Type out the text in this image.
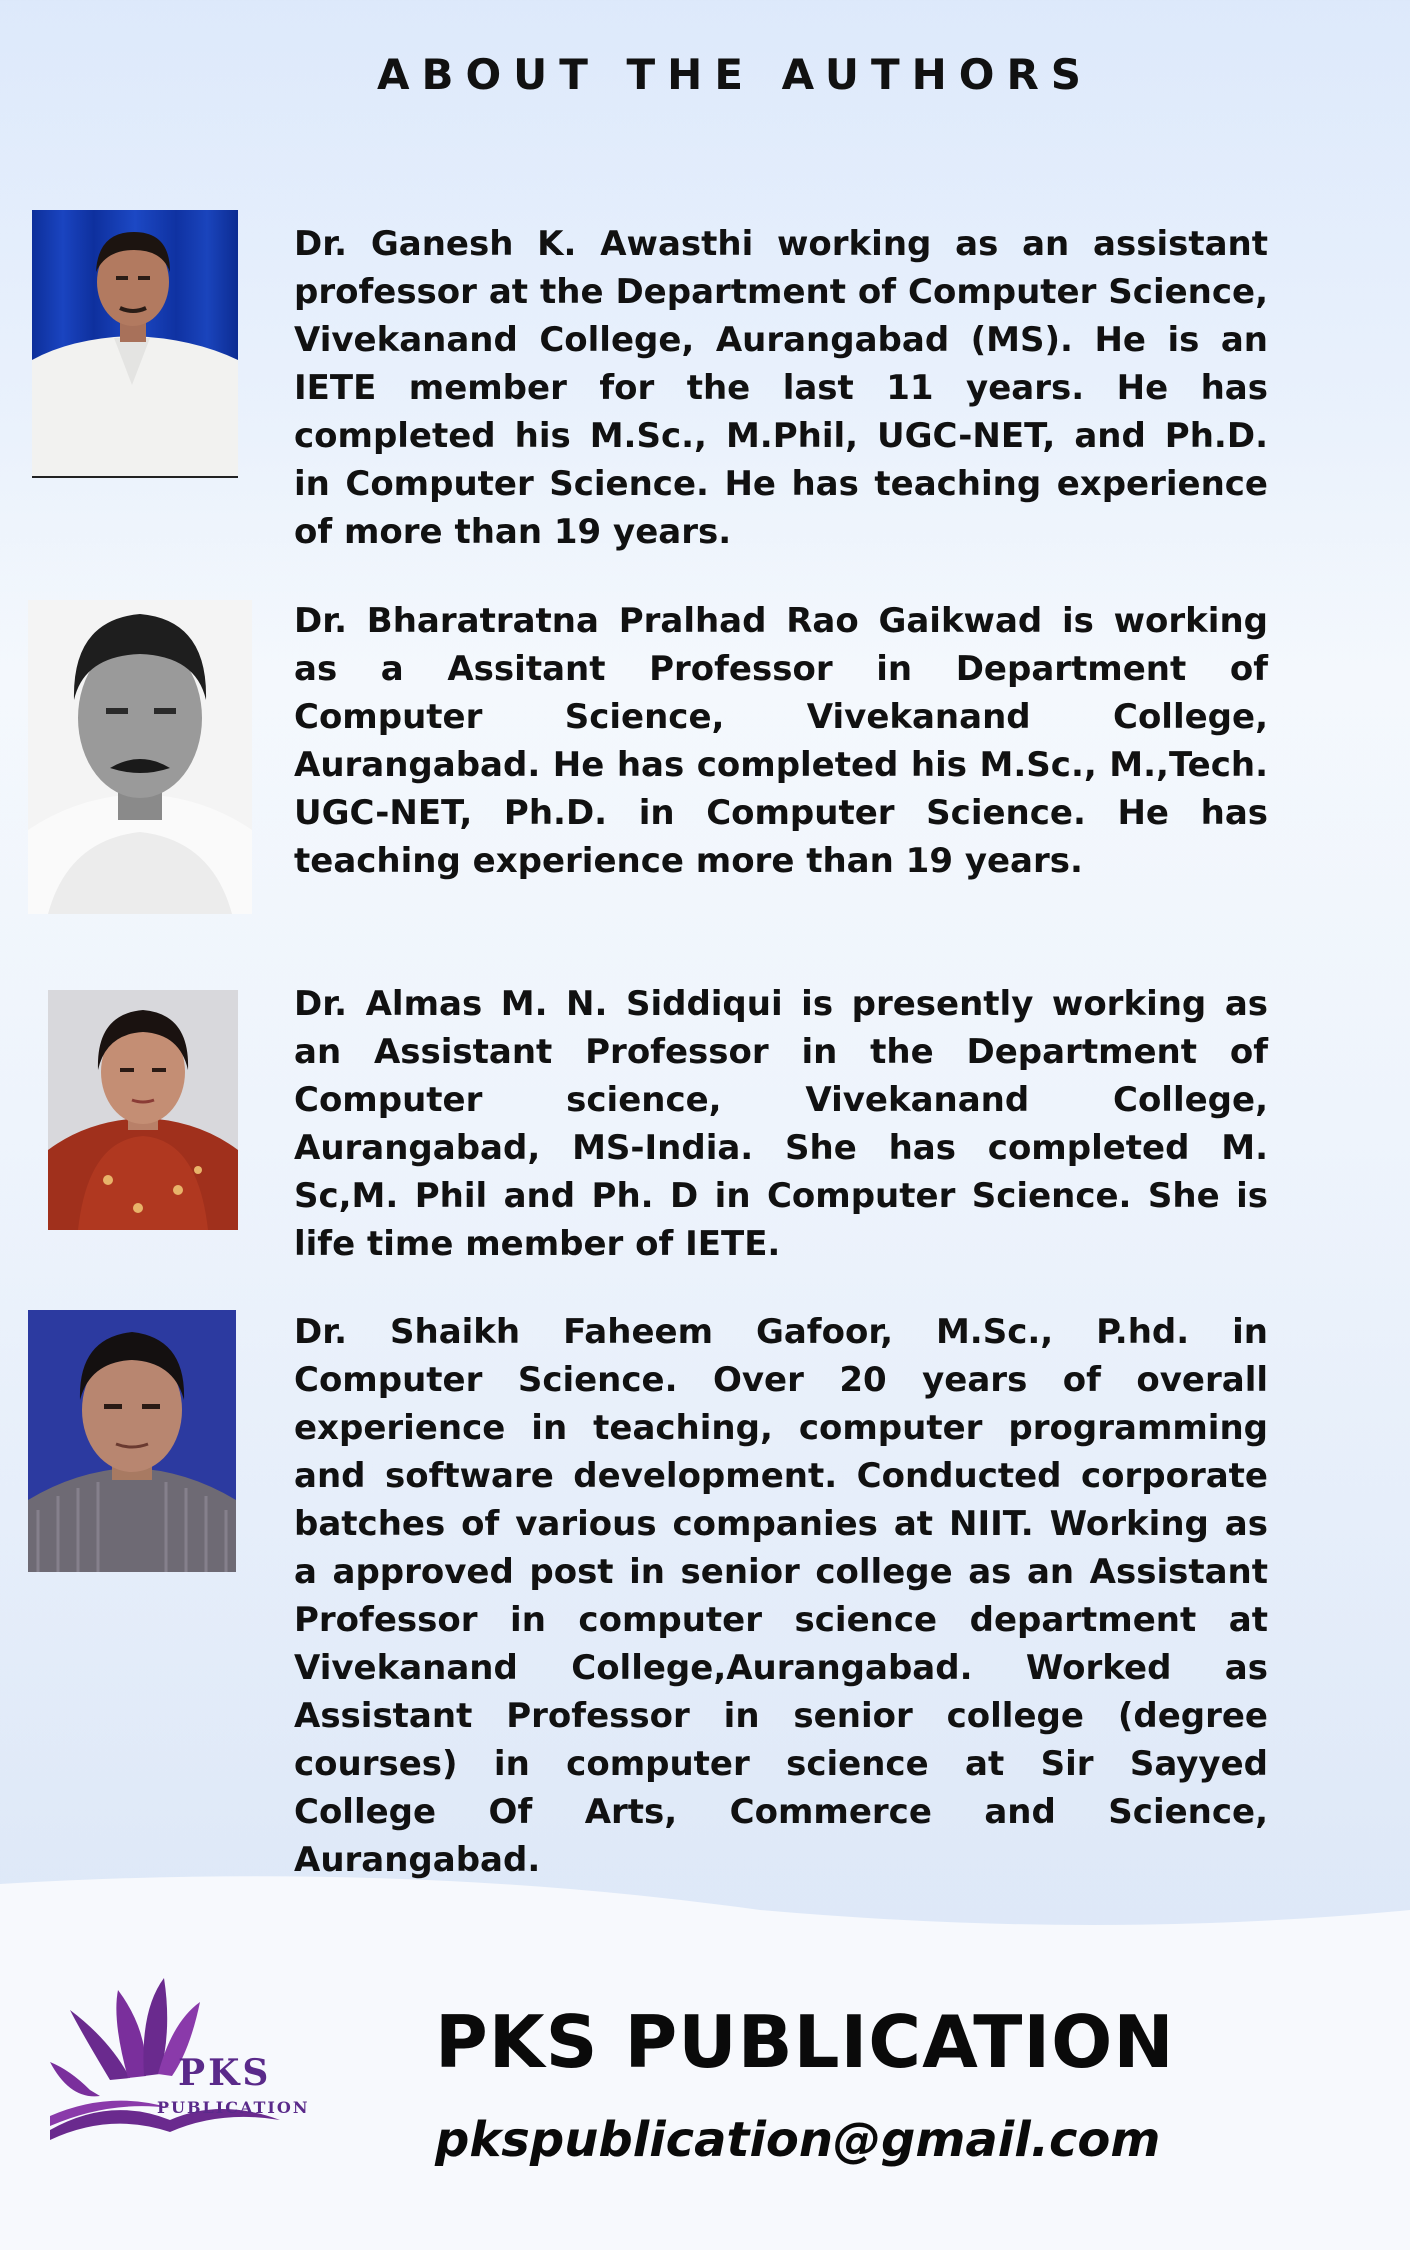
ABOUT THE AUTHORS

Dr. Ganesh K. Awasthi working as an assistant professor at the Department of Computer Science, Vivekanand College, Aurangabad (MS). He is an IETE member for the last 11 years. He has completed his M.Sc., M.Phil, UGC-NET, and Ph.D. in Computer Science. He has teaching experience of more than 19 years.

Dr. Bharatratna Pralhad Rao Gaikwad is working as a Assitant Professor in Department of Computer Science, Vivekanand College, Aurangabad. He has completed his M.Sc., M.,Tech. UGC-NET, Ph.D. in Computer Science. He has teaching experience more than 19 years.

Dr. Almas M. N. Siddiqui is presently working as an Assistant Professor in the Department of Computer science, Vivekanand College, Aurangabad, MS-India. She has completed M. Sc,M. Phil and Ph. D in Computer Science. She is life time member of IETE.

Dr. Shaikh Faheem Gafoor, M.Sc., P.hd. in Computer Science. Over 20 years of overall experience in teaching, computer programming and software development. Conducted corporate batches of various companies at NIIT. Working as a approved post in senior college as an Assistant Professor in computer science department at Vivekanand College,Aurangabad. Worked as Assistant Professor in senior college (degree courses) in computer science at Sir Sayyed College Of Arts, Commerce and Science, Aurangabad.

PKS

PUBLICATION

PKS PUBLICATION

pkspublication@gmail.com
